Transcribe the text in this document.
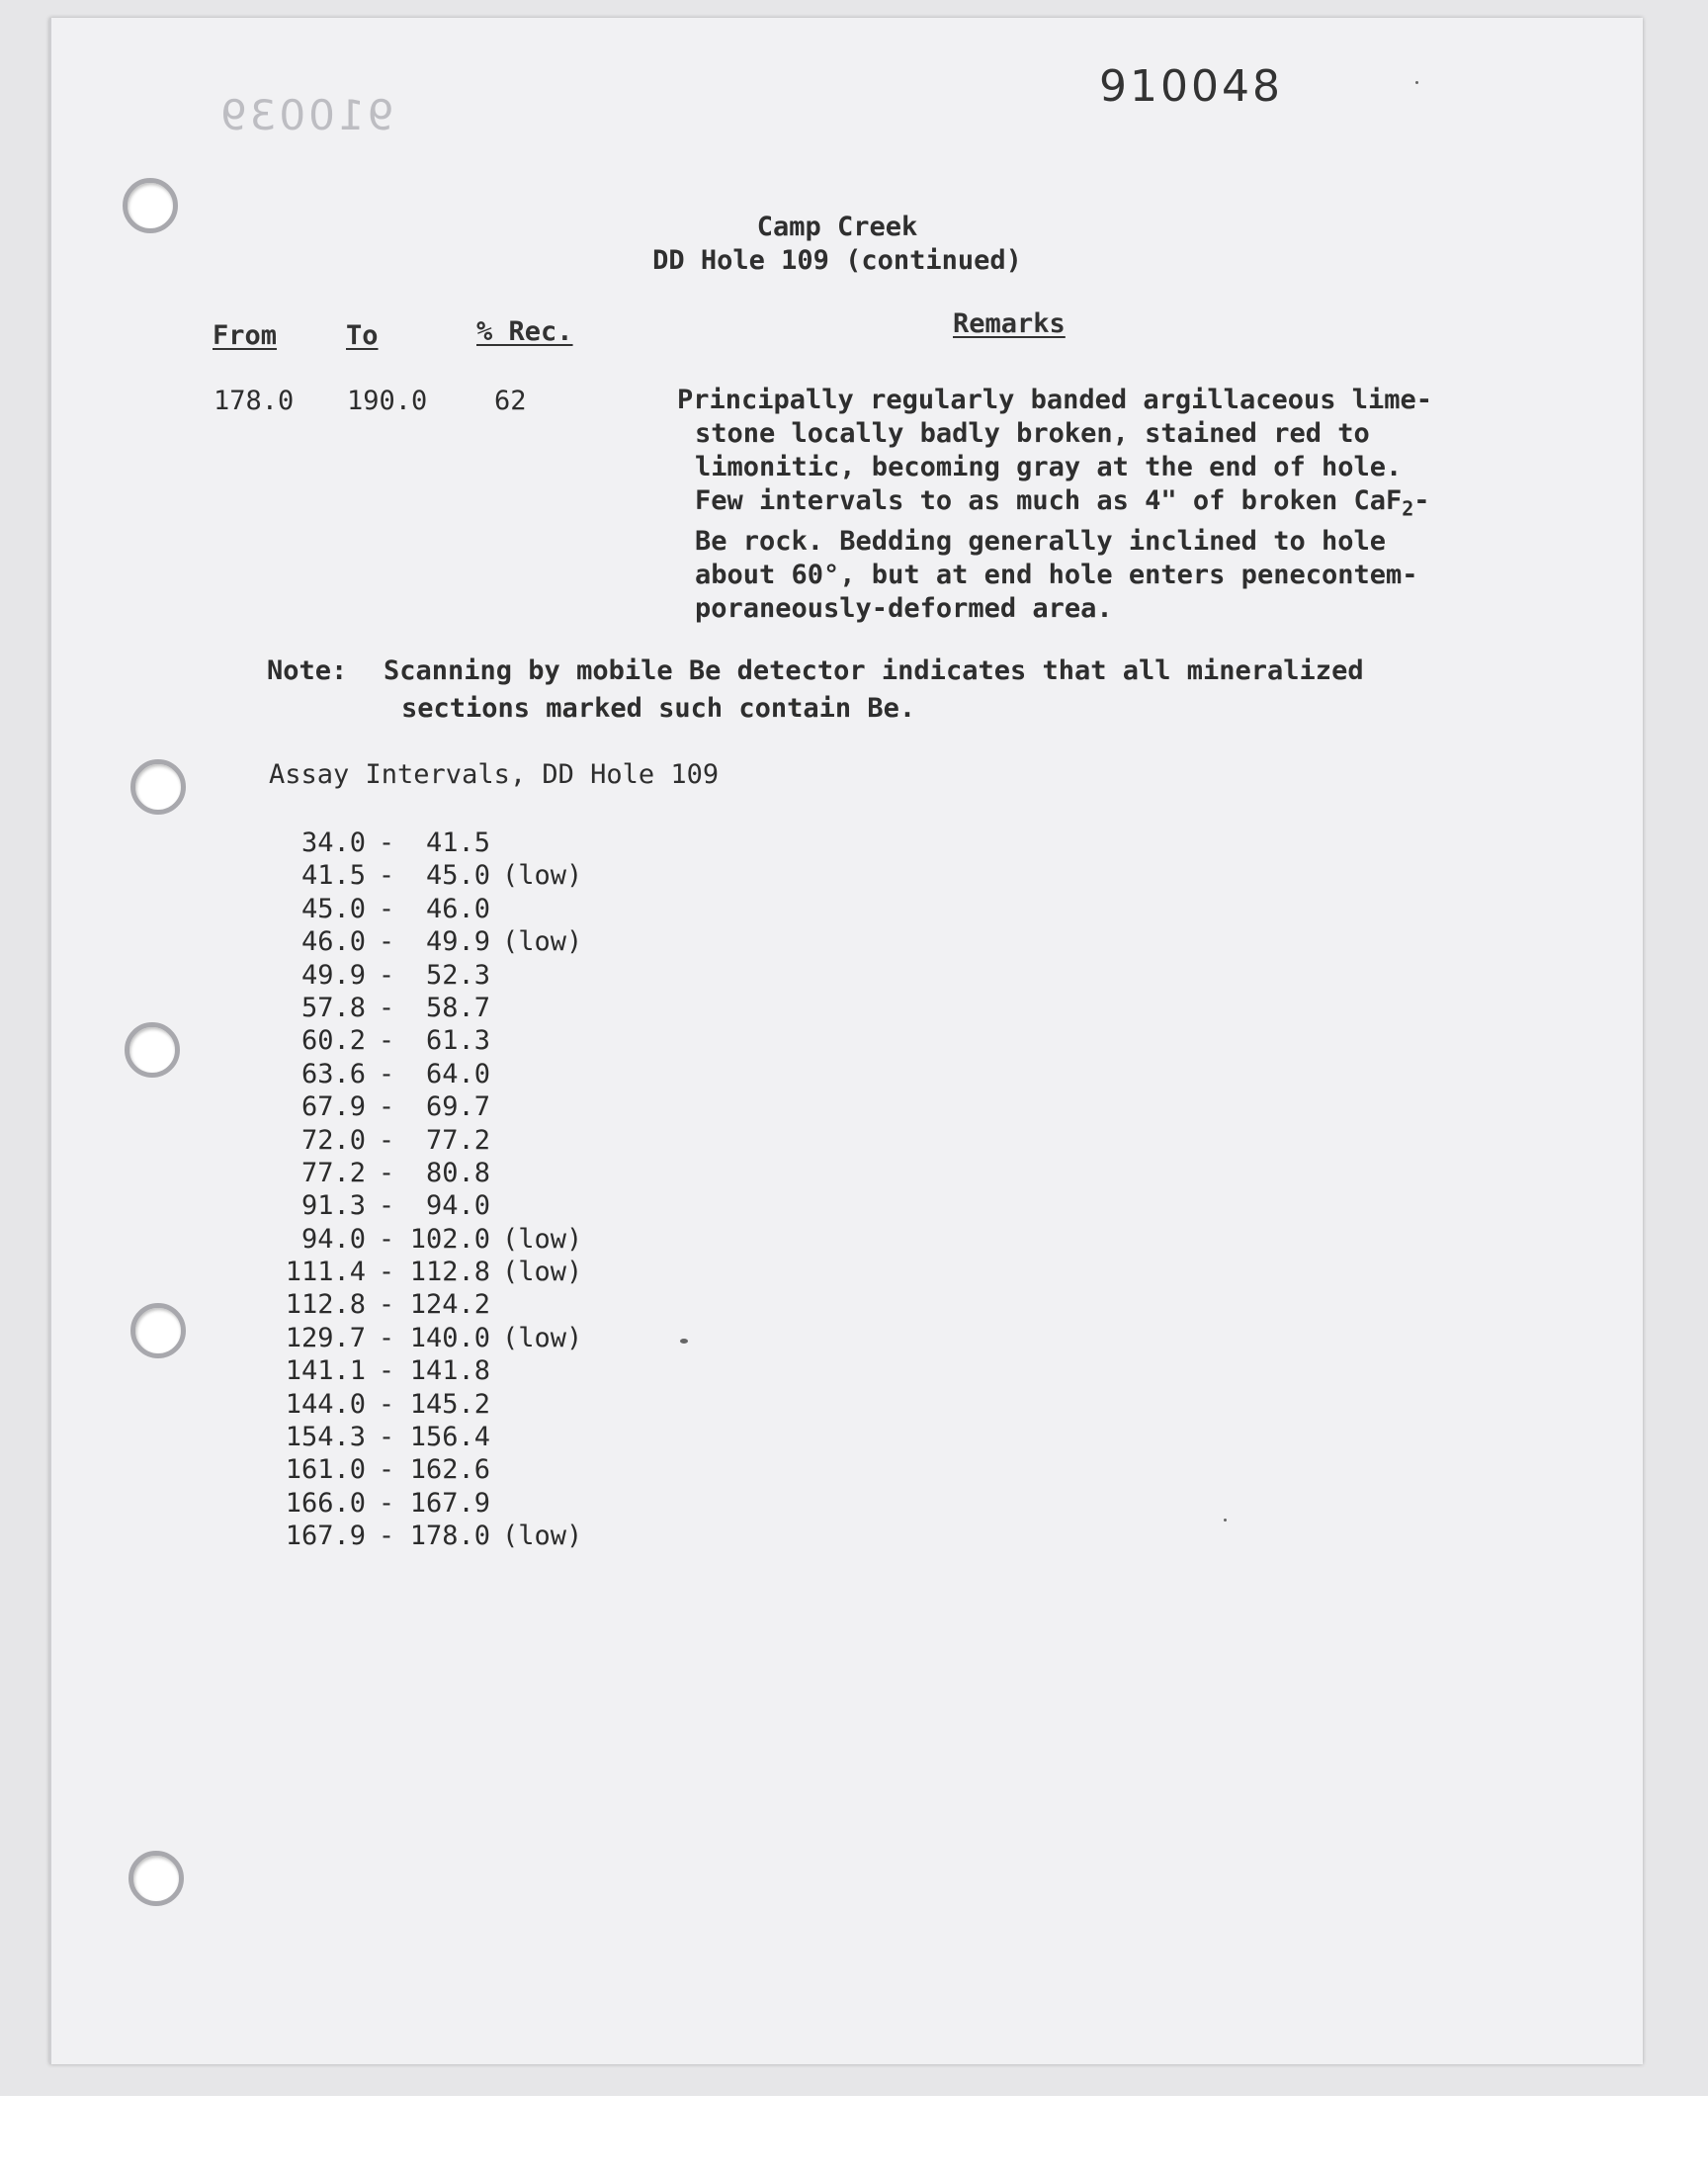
910039
910048
Camp Creek
DD Hole 109 (continued)
From	To	% Rec.	Remarks
178.0 190.0	62	Principally regularly banded argillaceous lime-
stone locally badly broken, stained red to
limonitic, becoming gray at the end of hole.
Few intervals to as much as 4" of broken CaF$_2$-
Be rock. Bedding generally inclined to hole
about 60°, but at end hole enters penecontem-
poraneously-deformed area.
Note: Scanning by mobile Be detector indicates that all mineralized
sections marked such contain Be.
Assay Intervals, DD Hole 109
34.0 - 41.5
41.5 - 45.0 (low)
45.0 - 46.0
46.0 - 49.9 (low)
49.9 - 52.3
57.8 - 58.7
60.2 - 61.3
63.6 - 64.0
67.9 - 69.7
72.0 - 77.2
77.2 - 80.8
91.3 - 94.0
94.0 - 102.0 (low)
111.4 - 112.8 (low)
112.8 - 124.2
129.7 - 140.0 (low)
141.1 - 141.8
144.0 - 145.2
154.3 - 156.4
161.0 - 162.6
166.0 - 167.9
167.9 - 178.0 (low)
